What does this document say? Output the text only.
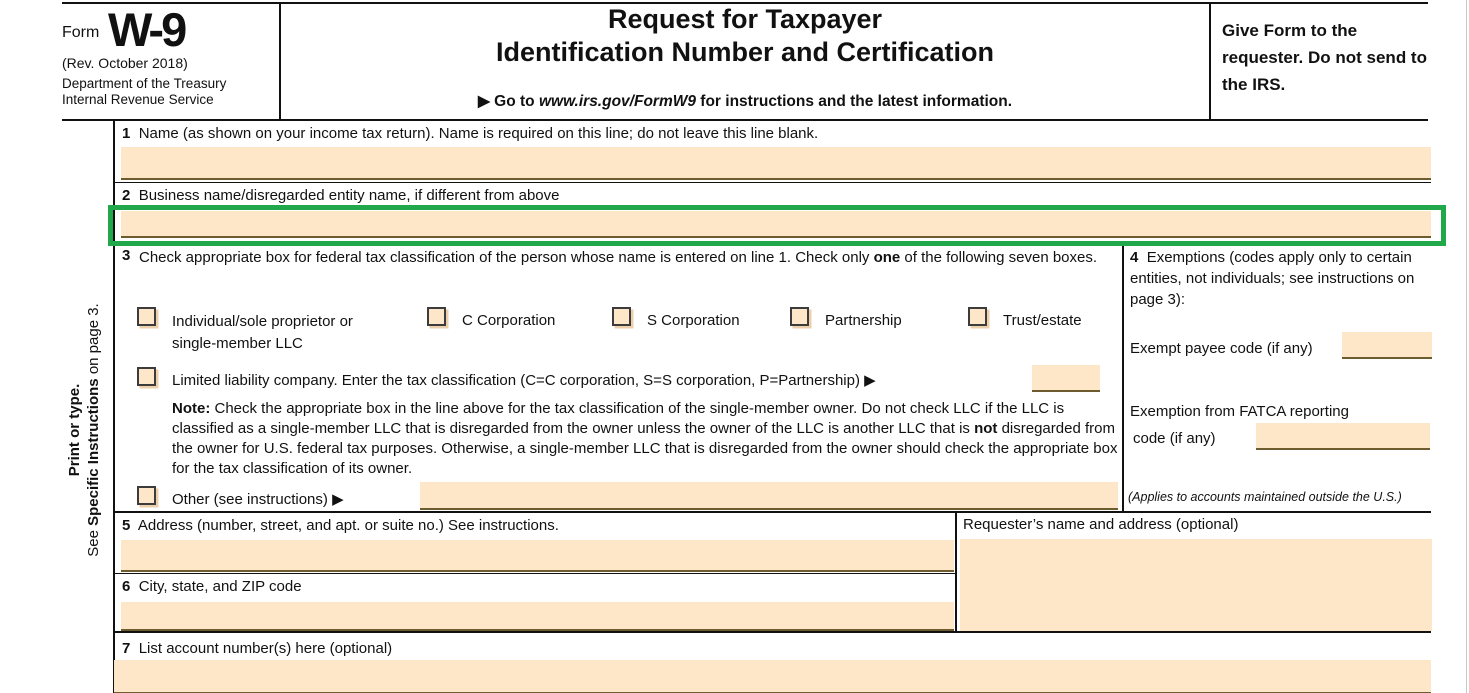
Form W-9
(Rev. October 2018)
Department of the Treasury
Internal Revenue Service
Request for Taxpayer
Identification Number and Certification
▶ Go to www.irs.gov/FormW9 for instructions and the latest information.
Give Form to the requester. Do not send to the IRS.
Print or type.
See Specific Instructions on page 3.
1 Name (as shown on your income tax return). Name is required on this line; do not leave this line blank.
2 Business name/disregarded entity name, if different from above
3 Check appropriate box for federal tax classification of the person whose name is entered on line 1. Check only one of the following seven boxes.
Individual/sole proprietor or
single-member LLC
C Corporation	S Corporation	Partnership	Trust/estate
Limited liability company. Enter the tax classification (C=C corporation, S=S corporation, P=Partnership) ▶
Note: Check the appropriate box in the line above for the tax classification of the single-member owner. Do not check LLC if the LLC is classified as a single-member LLC that is disregarded from the owner unless the owner of the LLC is another LLC that is not disregarded from the owner for U.S. federal tax purposes. Otherwise, a single-member LLC that is disregarded from the owner should check the appropriate box for the tax classification of its owner.
Other (see instructions) ▶
4 Exemptions (codes apply only to certain entities, not individuals; see instructions on page 3):
Exempt payee code (if any)
Exemption from FATCA reporting
code (if any)
(Applies to accounts maintained outside the U.S.)
5 Address (number, street, and apt. or suite no.) See instructions.
6 City, state, and ZIP code
Requester’s name and address (optional)
7 List account number(s) here (optional)
